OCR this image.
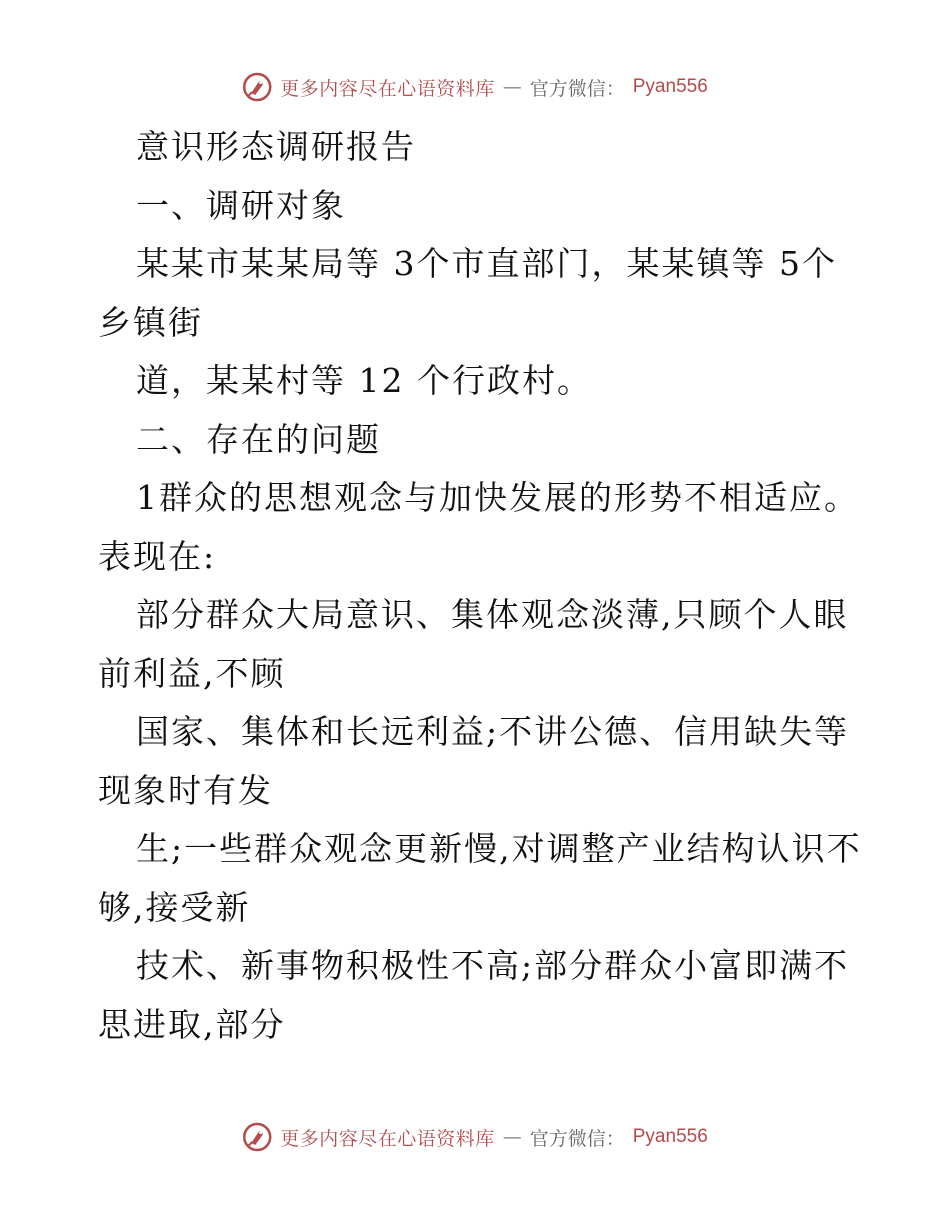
更多内容尽在心语资料库 — 官方微信： Pyan556
意识形态调研报告
一、调研对象
某某市某某局等 3个市直部门，某某镇等 5个
乡镇街
道，某某村等 12 个行政村。
二、存在的问题
1群众的思想观念与加快发展的形势不相适应。
表现在:
部分群众大局意识、集体观念淡薄,只顾个人眼
前利益,不顾
国家、集体和长远利益;不讲公德、信用缺失等
现象时有发
生;一些群众观念更新慢,对调整产业结构认识不
够,接受新
技术、新事物积极性不高;部分群众小富即满不
思进取,部分
更多内容尽在心语资料库 — 官方微信： Pyan556
